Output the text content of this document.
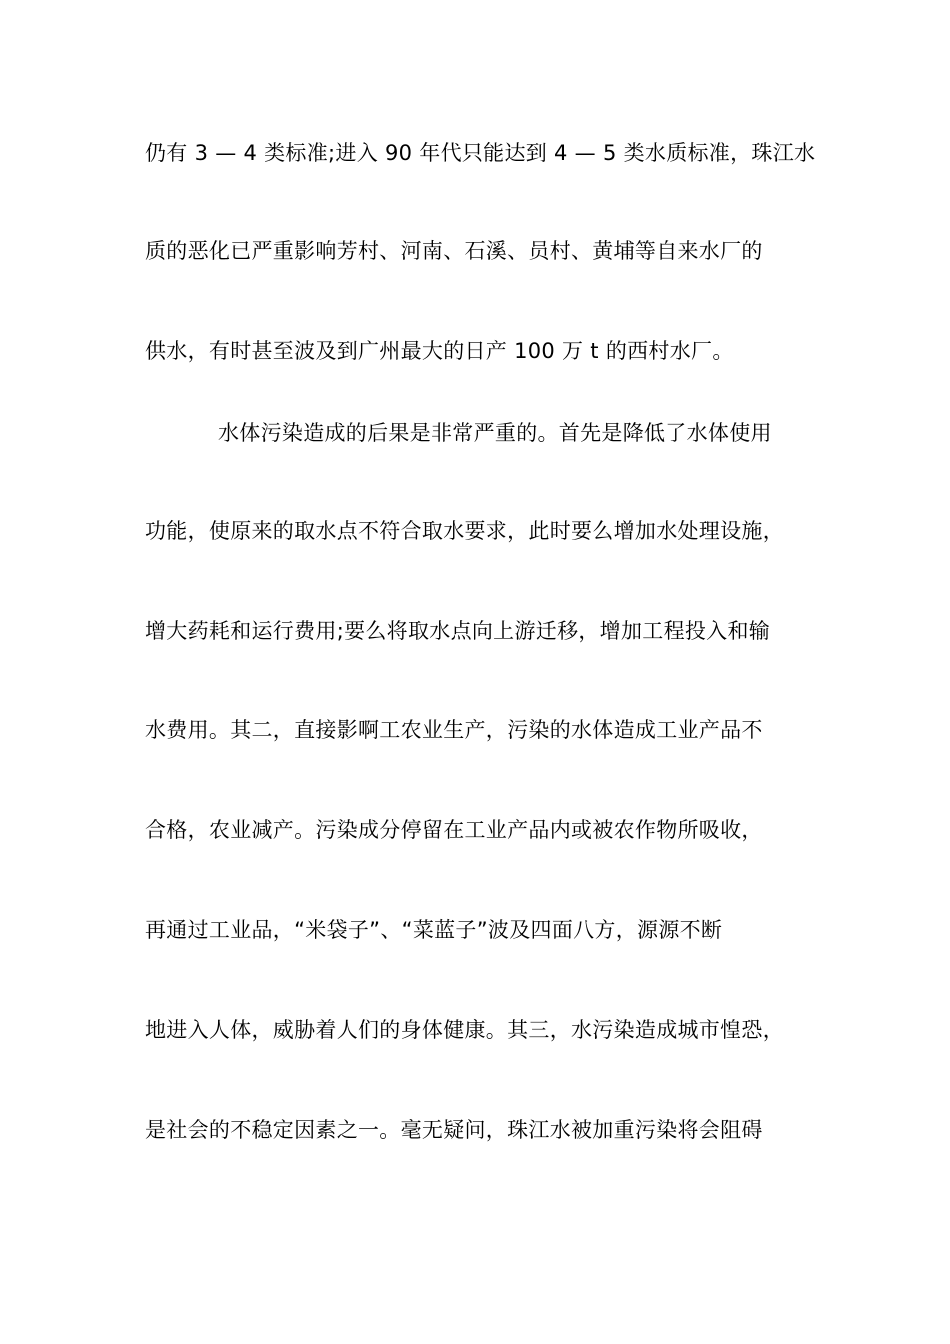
仍有 3 — 4 类标准;进入 90 年代只能达到 4 — 5 类水质标准，珠江水
质的恶化已严重影响芳村、河南、石溪、员村、黄埔等自来水厂的
供水，有时甚至波及到广州最大的日产 100 万 t 的西村水厂。
水体污染造成的后果是非常严重的。首先是降低了水体使用
功能，使原来的取水点不符合取水要求，此时要么增加水处理设施，
增大药耗和运行费用;要么将取水点向上游迁移，增加工程投入和输
水费用。其二，直接影啊工农业生产，污染的水体造成工业产品不
合格，农业减产。污染成分停留在工业产品内或被农作物所吸收，
再通过工业品，“米袋子”、“菜蓝子”波及四面八方，源源不断
地进入人体，威胁着人们的身体健康。其三，水污染造成城市惶恐，
是社会的不稳定因素之一。毫无疑问，珠江水被加重污染将会阻碍
